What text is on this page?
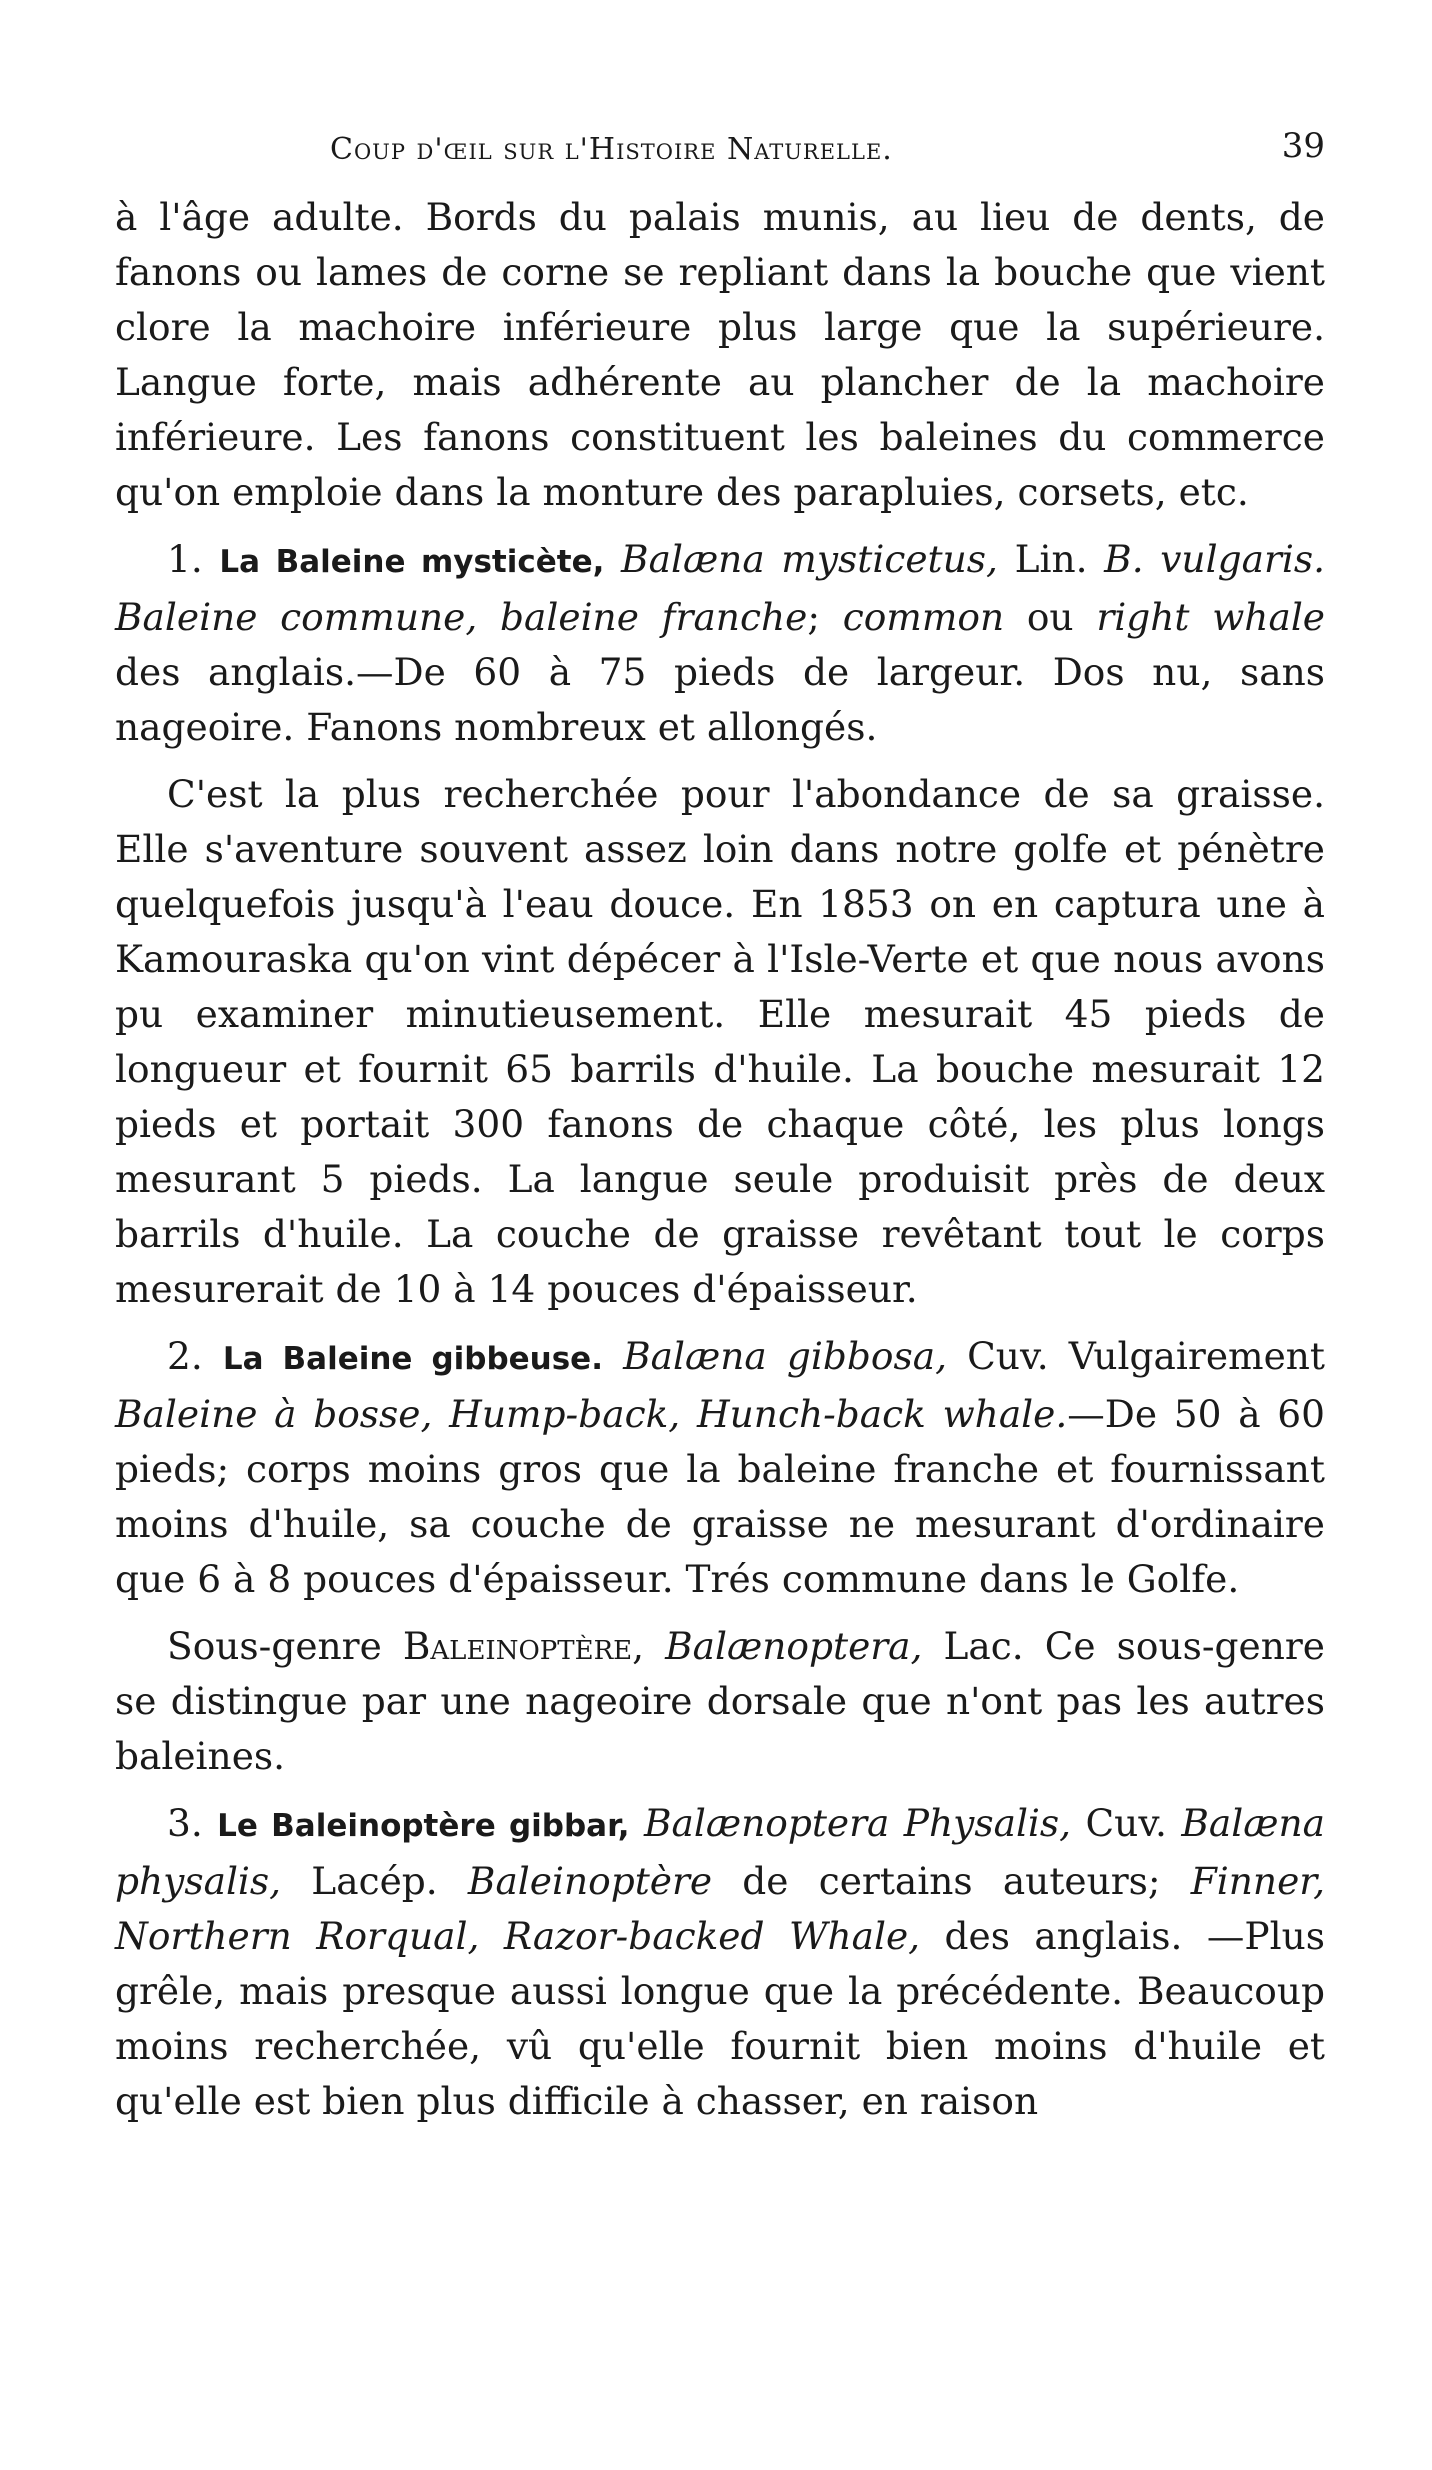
Coup d'œil sur l'Histoire Naturelle.	39

à l'âge adulte. Bords du palais munis, au lieu de dents, de fanons ou lames de corne se repliant dans la bouche que vient clore la machoire inférieure plus large que la supérieure. Langue forte, mais adhérente au plancher de la machoire inférieure. Les fanons constituent les baleines du commerce qu'on emploie dans la monture des parapluies, corsets, etc.

1. La Baleine mysticète, Balæna mysticetus, Lin. B. vulgaris. Baleine commune, baleine franche; common ou right whale des anglais.—De 60 à 75 pieds de largeur. Dos nu, sans nageoire. Fanons nombreux et allongés.

C'est la plus recherchée pour l'abondance de sa graisse. Elle s'aventure souvent assez loin dans notre golfe et pénètre quelquefois jusqu'à l'eau douce. En 1853 on en captura une à Kamouraska qu'on vint dépécer à l'Isle-Verte et que nous avons pu examiner minutieusement. Elle mesurait 45 pieds de longueur et fournit 65 barrils d'huile. La bouche mesurait 12 pieds et portait 300 fanons de chaque côté, les plus longs mesurant 5 pieds. La langue seule produisit près de deux barrils d'huile. La couche de graisse revêtant tout le corps mesurerait de 10 à 14 pouces d'épaisseur.

2. La Baleine gibbeuse. Balæna gibbosa, Cuv. Vulgairement Baleine à bosse, Hump-back, Hunch-back whale.—De 50 à 60 pieds; corps moins gros que la baleine franche et fournissant moins d'huile, sa couche de graisse ne mesurant d'ordinaire que 6 à 8 pouces d'épaisseur. Trés commune dans le Golfe.

Sous-genre Baleinoptère, Balænoptera, Lac. Ce sous-genre se distingue par une nageoire dorsale que n'ont pas les autres baleines.

3. Le Baleinoptère gibbar, Balænoptera Physalis, Cuv. Balæna physalis, Lacép. Baleinoptère de certains auteurs; Finner, Northern Rorqual, Razor-backed Whale, des anglais. —Plus grêle, mais presque aussi longue que la précédente. Beaucoup moins recherchée, vû qu'elle fournit bien moins d'huile et qu'elle est bien plus difficile à chasser, en raison
